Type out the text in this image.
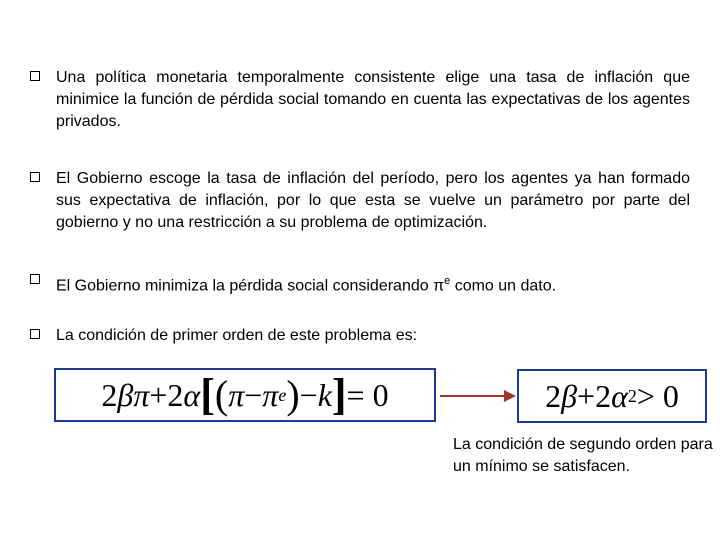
Una política monetaria temporalmente consistente elige una tasa de inflación que minimice la función de pérdida social tomando en cuenta las expectativas de los agentes privados.
El Gobierno escoge la tasa de inflación del período, pero los agentes ya han formado sus expectativa de inflación, por lo que esta se vuelve un parámetro por parte del gobierno y no una restricción a su problema de optimización.
El Gobierno minimiza la pérdida social considerando $\pi^e$ como un dato.
La condición de primer orden de este problema es:
2 β π + 2 α [ ( π − π e ) − k ] = 0	2 β + 2 α 2 > 0
La condición de segundo orden para un mínimo se satisfacen.
